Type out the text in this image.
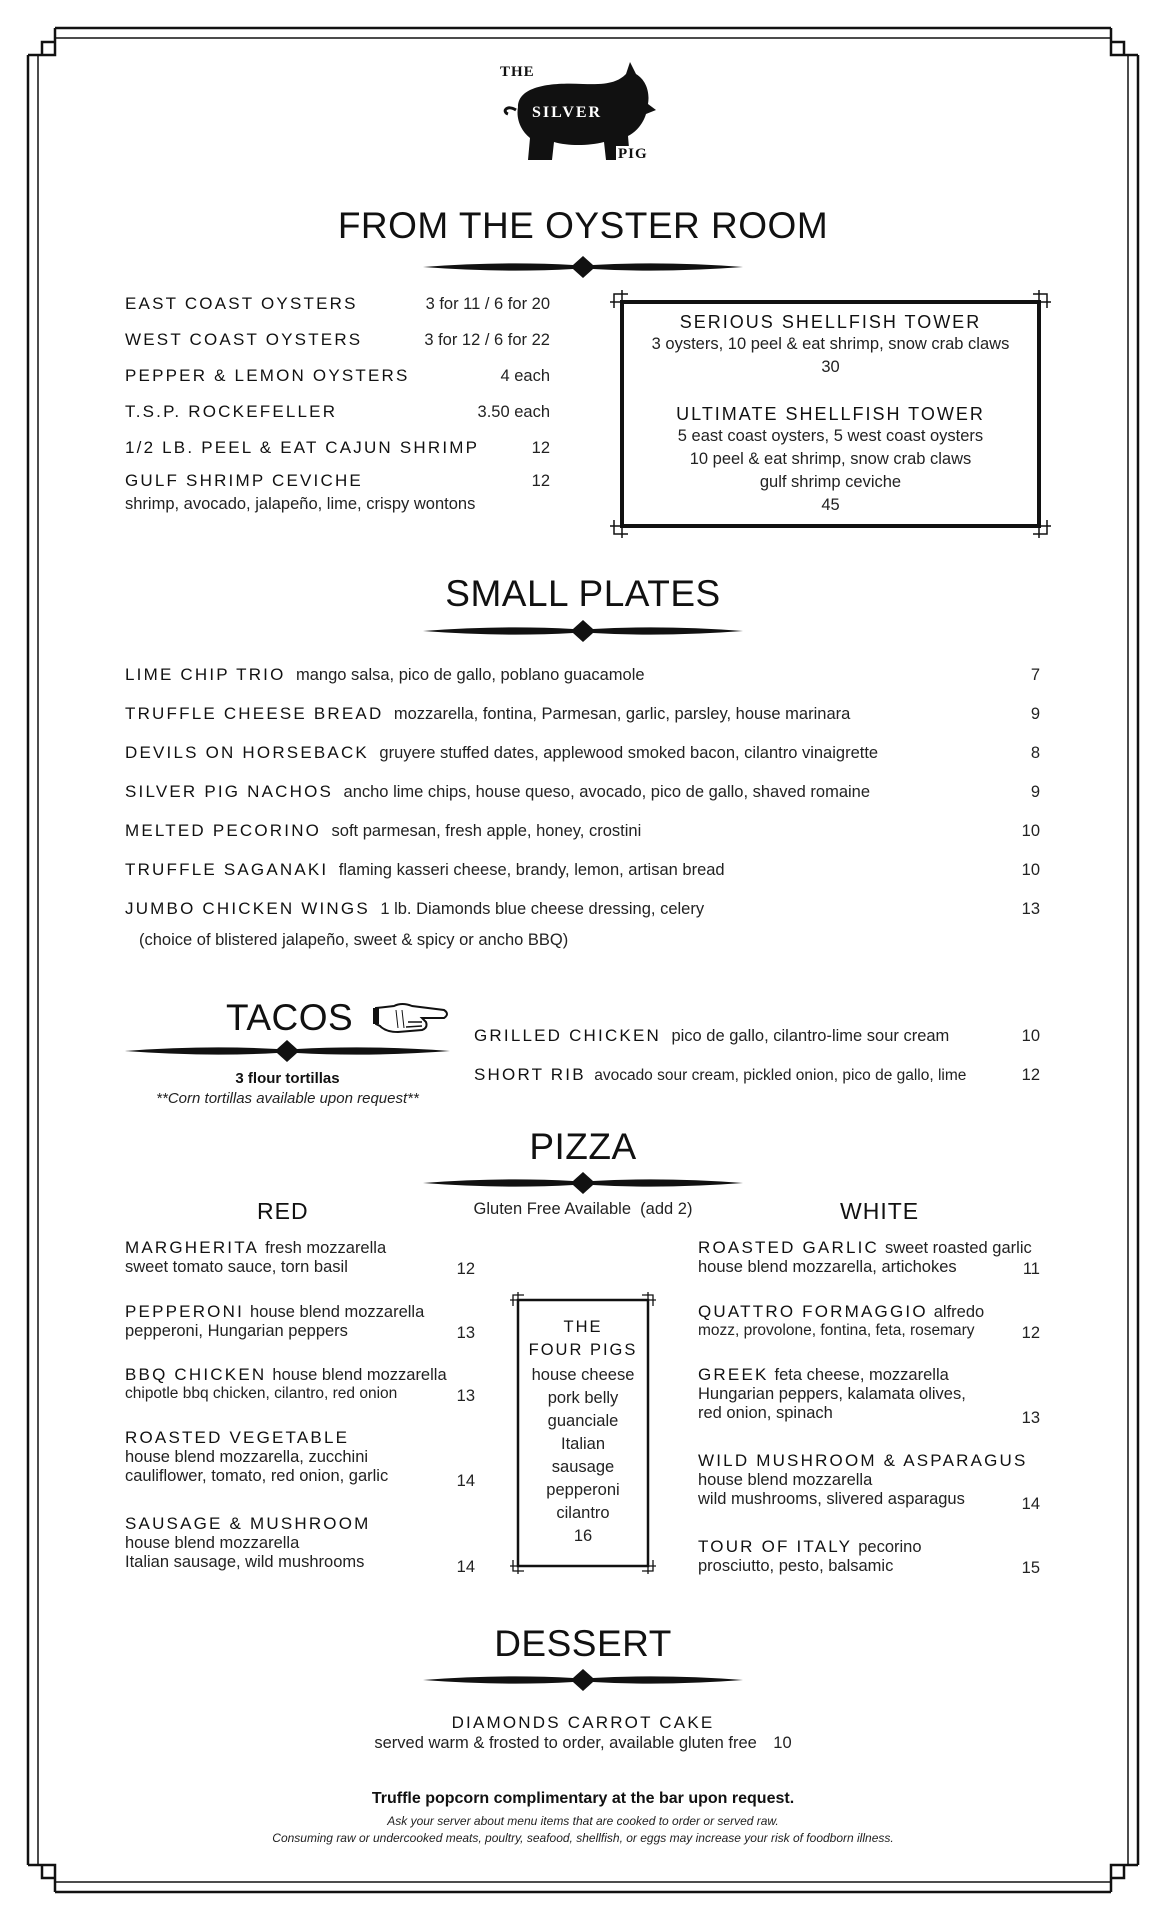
THE
SILVER
PIG
FROM THE OYSTER ROOM
EAST COAST OYSTERS	3 for 11 / 6 for 20
WEST COAST OYSTERS	3 for 12 / 6 for 22
PEPPER & LEMON OYSTERS	4 each
T.S.P. ROCKEFELLER	3.50 each
1/2 LB. PEEL & EAT CAJUN SHRIMP	12
GULF SHRIMP CEVICHE	12
shrimp, avocado, jalapeño, lime, crispy wontons
SERIOUS SHELLFISH TOWER
3 oysters, 10 peel & eat shrimp, snow crab claws
30
ULTIMATE SHELLFISH TOWER
5 east coast oysters, 5 west coast oysters
10 peel & eat shrimp, snow crab claws
gulf shrimp ceviche
45
SMALL PLATES
LIME CHIP TRIO mango salsa, pico de gallo, poblano guacamole	7
TRUFFLE CHEESE BREAD mozzarella, fontina, Parmesan, garlic, parsley, house marinara	9
DEVILS ON HORSEBACK gruyere stuffed dates, applewood smoked bacon, cilantro vinaigrette	8
SILVER PIG NACHOS ancho lime chips, house queso, avocado, pico de gallo, shaved romaine	9
MELTED PECORINO soft parmesan, fresh apple, honey, crostini	10
TRUFFLE SAGANAKI flaming kasseri cheese, brandy, lemon, artisan bread	10
JUMBO CHICKEN WINGS 1 lb. Diamonds blue cheese dressing, celery	13
(choice of blistered jalapeño, sweet & spicy or ancho BBQ)
TACOS
3 flour tortillas
**Corn tortillas available upon request**
GRILLED CHICKEN pico de gallo, cilantro-lime sour cream	10
SHORT RIB avocado sour cream, pickled onion, pico de gallo, lime	12
PIZZA
Gluten Free Available  (add 2)
RED	WHITE
MARGHERITA fresh mozzarella
sweet tomato sauce, torn basil	12
PEPPERONI house blend mozzarella
pepperoni, Hungarian peppers	13
BBQ CHICKEN house blend mozzarella
chipotle bbq chicken, cilantro, red onion	13
ROASTED VEGETABLE
house blend mozzarella, zucchini
cauliflower, tomato, red onion, garlic	14
SAUSAGE & MUSHROOM
house blend mozzarella
Italian sausage, wild mushrooms	14
THE
FOUR PIGS
house cheese
pork belly
guanciale
Italian
sausage
pepperoni
cilantro
16
ROASTED GARLIC sweet roasted garlic
house blend mozzarella, artichokes	11
QUATTRO FORMAGGIO alfredo
mozz, provolone, fontina, feta, rosemary	12
GREEK feta cheese, mozzarella
Hungarian peppers, kalamata olives,
red onion, spinach	13
WILD MUSHROOM & ASPARAGUS
house blend mozzarella
wild mushrooms, slivered asparagus	14
TOUR OF ITALY pecorino
prosciutto, pesto, balsamic	15
DESSERT
DIAMONDS CARROT CAKE
served warm & frosted to order, available gluten free 10
Truffle popcorn complimentary at the bar upon request.
Ask your server about menu items that are cooked to order or served raw.
Consuming raw or undercooked meats, poultry, seafood, shellfish, or eggs may increase your risk of foodborn illness.
